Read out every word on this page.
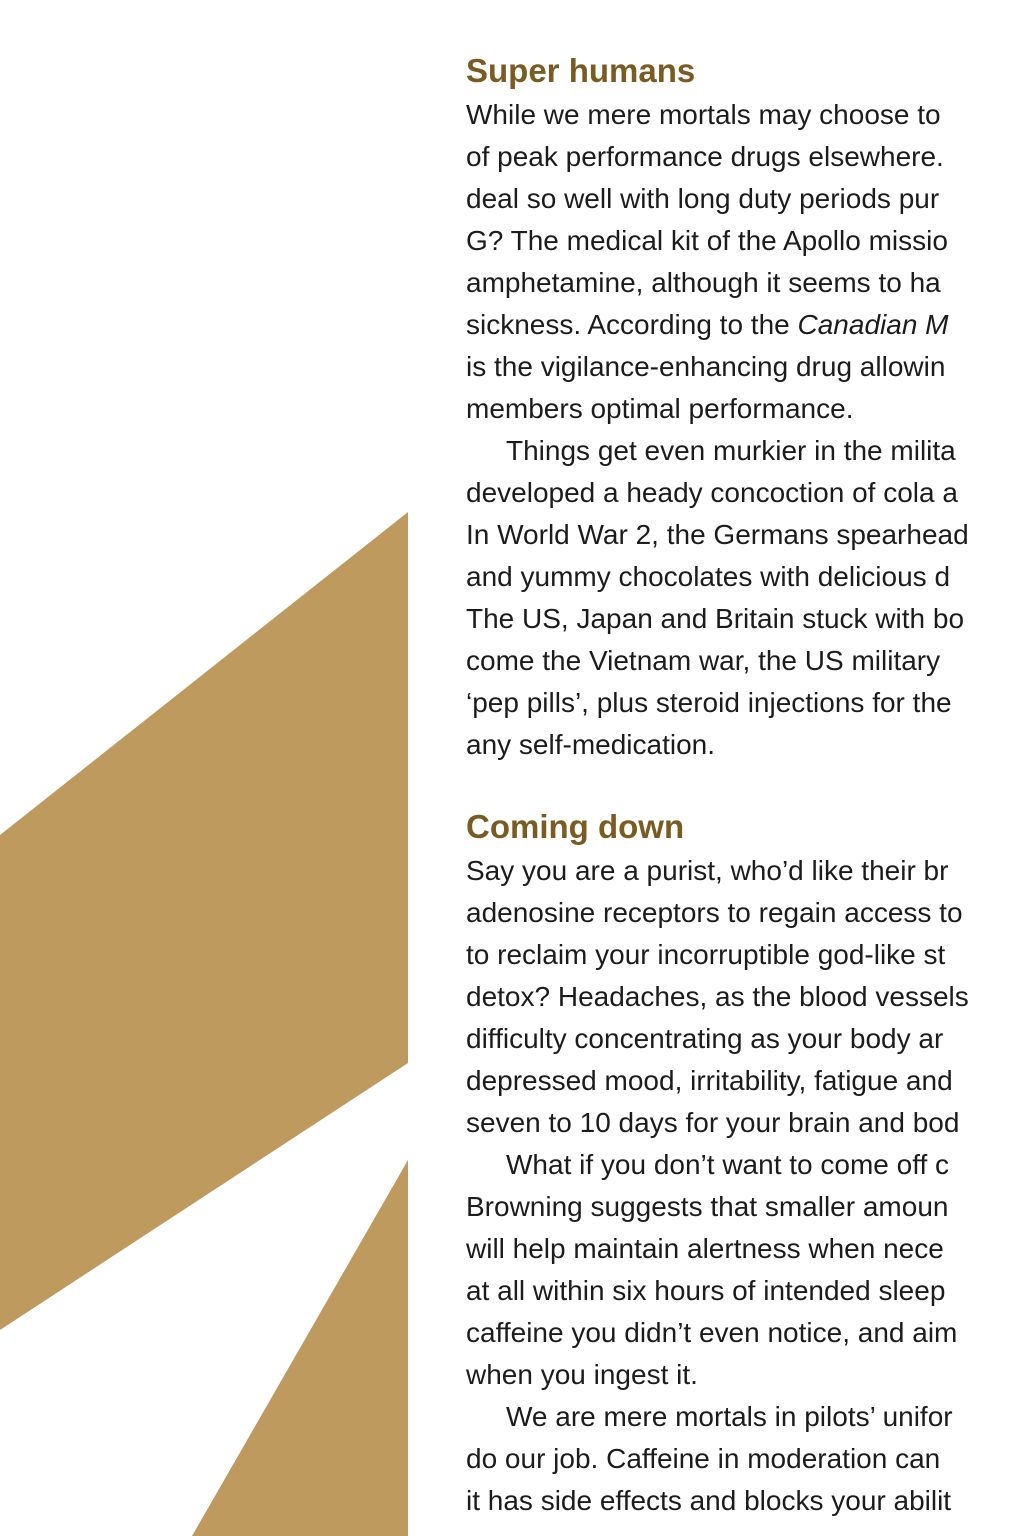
Super humans

While we mere mortals may choose to

of peak performance drugs elsewhere.

deal so well with long duty periods pur

G? The medical kit of the Apollo missio

amphetamine, although it seems to ha

sickness. According to the Canadian M

is the vigilance-enhancing drug allowin

members optimal performance.

Things get even murkier in the milita

developed a heady concoction of cola a

In World War 2, the Germans spearhead

and yummy chocolates with delicious d

The US, Japan and Britain stuck with bo

come the Vietnam war, the US military

‘pep pills’, plus steroid injections for the

any self-medication.

Coming down

Say you are a purist, who’d like their br

adenosine receptors to regain access to

to reclaim your incorruptible god-like st

detox? Headaches, as the blood vessels

difficulty concentrating as your body ar

depressed mood, irritability, fatigue and

seven to 10 days for your brain and bod

What if you don’t want to come off c

Browning suggests that smaller amoun

will help maintain alertness when nece

at all within six hours of intended sleep

caffeine you didn’t even notice, and aim

when you ingest it.

We are mere mortals in pilots’ unifor

do our job. Caffeine in moderation can

it has side effects and blocks your abilit
